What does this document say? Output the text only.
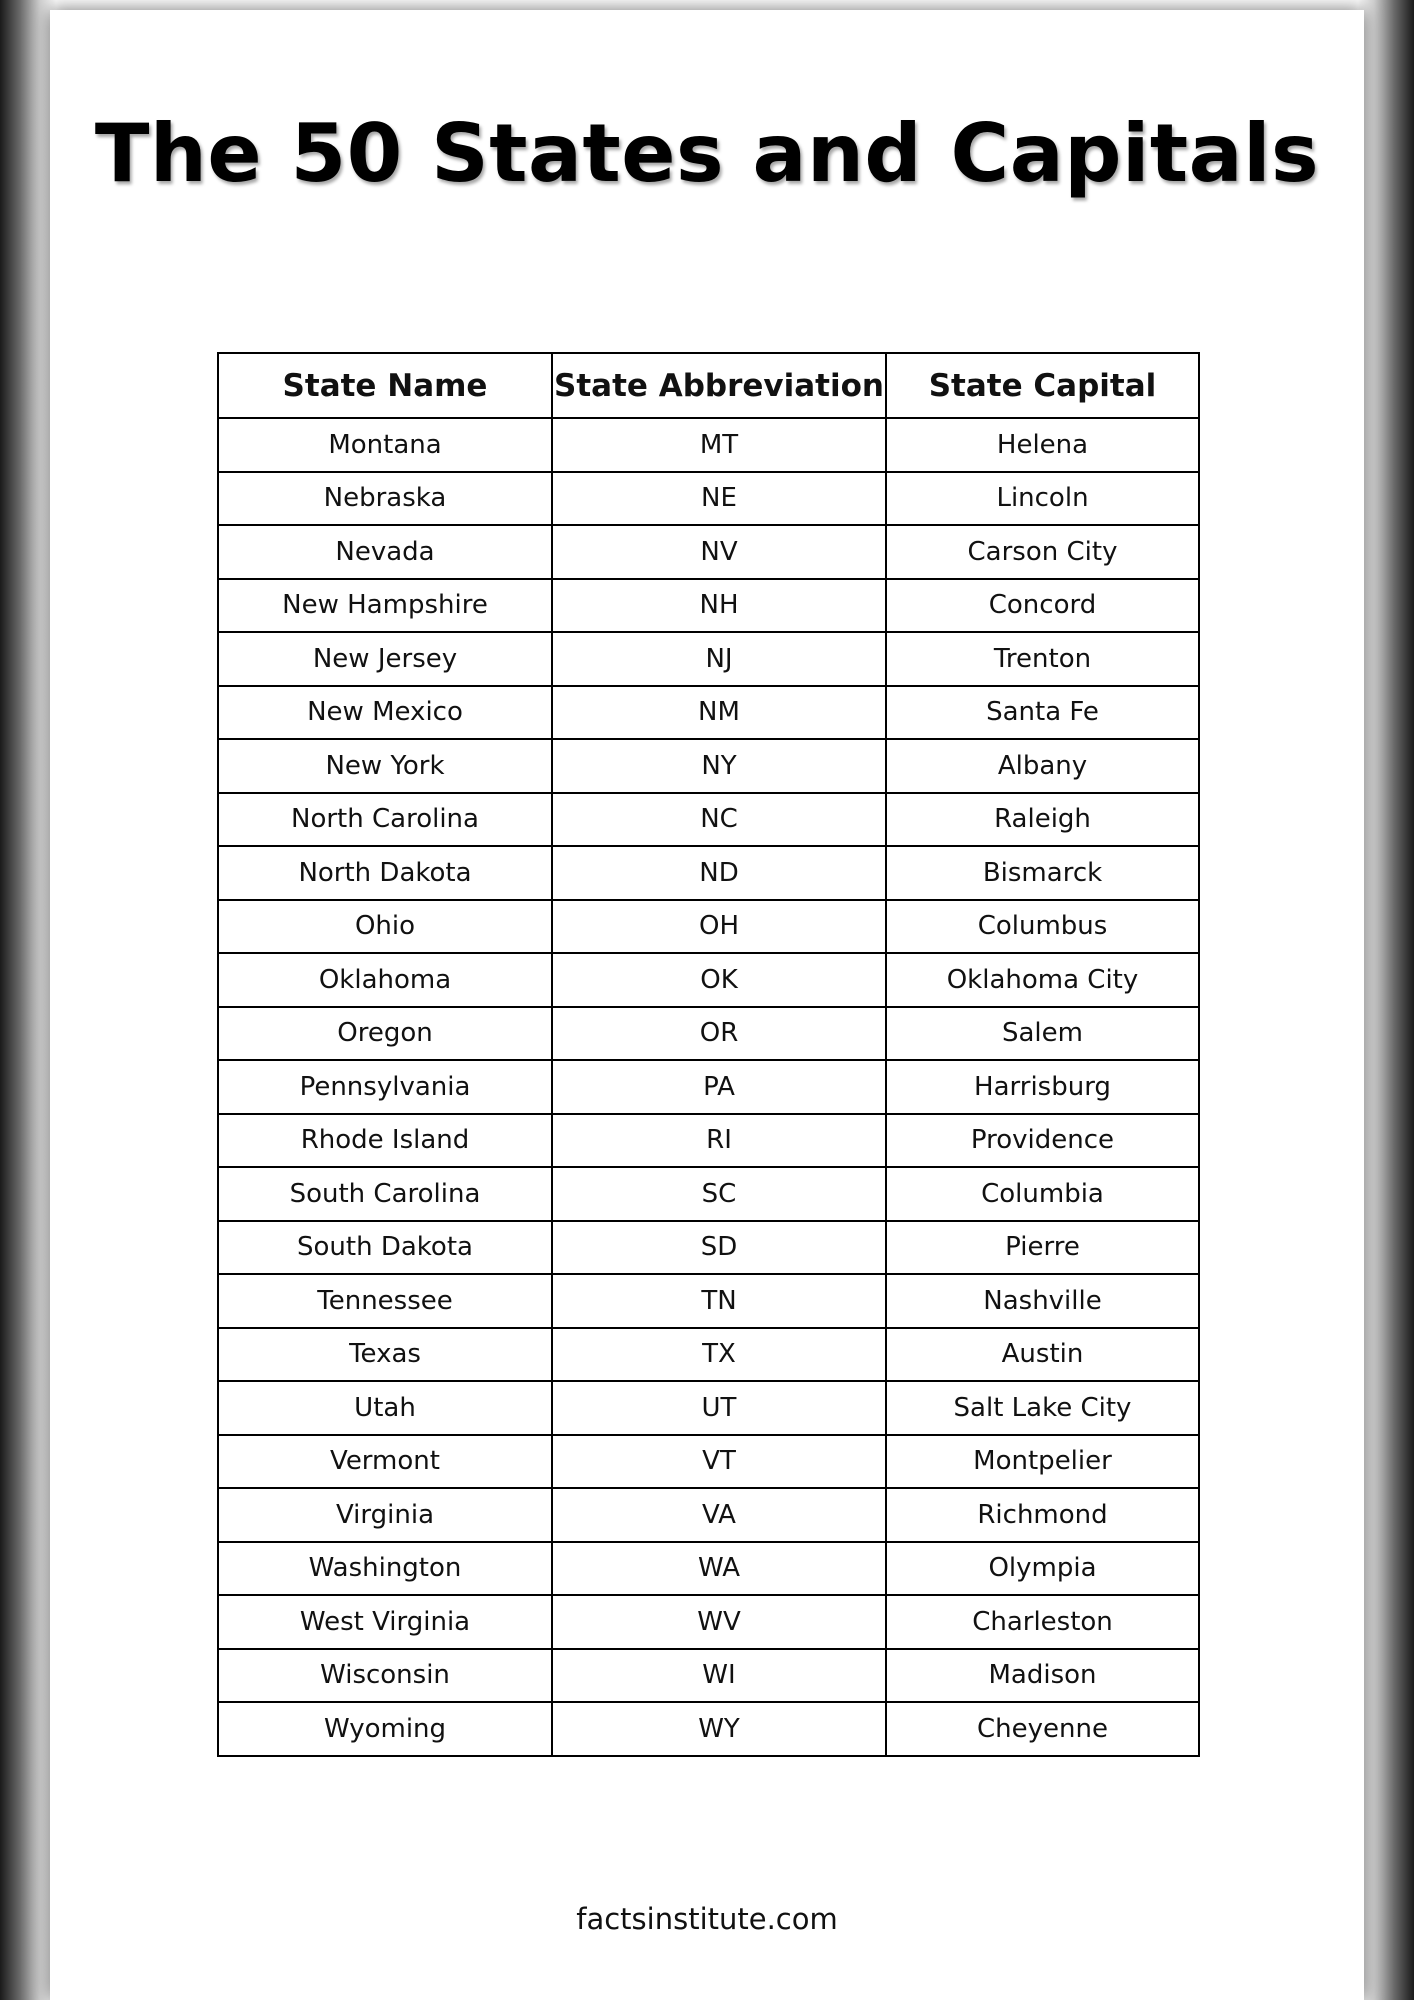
The 50 States and Capitals
State Name	State Abbreviation	State Capital
Montana	MT	Helena
Nebraska	NE	Lincoln
Nevada	NV	Carson City
New Hampshire	NH	Concord
New Jersey	NJ	Trenton
New Mexico	NM	Santa Fe
New York	NY	Albany
North Carolina	NC	Raleigh
North Dakota	ND	Bismarck
Ohio	OH	Columbus
Oklahoma	OK	Oklahoma City
Oregon	OR	Salem
Pennsylvania	PA	Harrisburg
Rhode Island	RI	Providence
South Carolina	SC	Columbia
South Dakota	SD	Pierre
Tennessee	TN	Nashville
Texas	TX	Austin
Utah	UT	Salt Lake City
Vermont	VT	Montpelier
Virginia	VA	Richmond
Washington	WA	Olympia
West Virginia	WV	Charleston
Wisconsin	WI	Madison
Wyoming	WY	Cheyenne
factsinstitute.com
